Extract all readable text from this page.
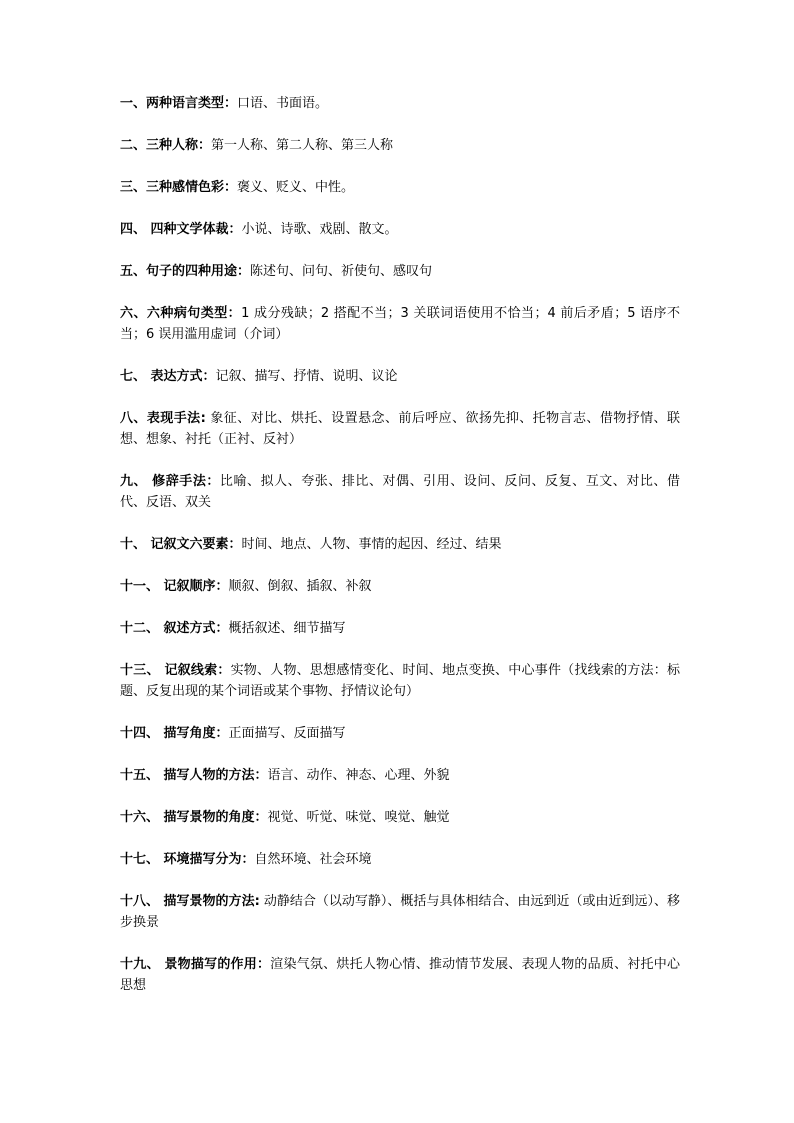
一、两种语言类型：口语、书面语。

二、三种人称：第一人称、第二人称、第三人称

三、三种感情色彩：褒义、贬义、中性。

四、 四种文学体裁：小说、诗歌、戏剧、散文。

五、句子的四种用途：陈述句、问句、祈使句、感叹句

六、六种病句类型：1 成分残缺；2 搭配不当；3 关联词语使用不恰当；4 前后矛盾；5 语序不当；6 误用滥用虚词（介词）

七、 表达方式：记叙、描写、抒情、说明、议论

八、表现手法: 象征、对比、烘托、设置悬念、前后呼应、欲扬先抑、托物言志、借物抒情、联想、想象、衬托（正衬、反衬）

九、 修辞手法：比喻、拟人、夸张、排比、对偶、引用、设问、反问、反复、互文、对比、借代、反语、双关

十、 记叙文六要素：时间、地点、人物、事情的起因、经过、结果

十一、 记叙顺序：顺叙、倒叙、插叙、补叙

十二、 叙述方式：概括叙述、细节描写

十三、 记叙线索：实物、人物、思想感情变化、时间、地点变换、中心事件（找线索的方法：标题、反复出现的某个词语或某个事物、抒情议论句）

十四、 描写角度：正面描写、反面描写

十五、 描写人物的方法：语言、动作、神态、心理、外貌

十六、 描写景物的角度：视觉、听觉、味觉、嗅觉、触觉

十七、 环境描写分为：自然环境、社会环境

十八、 描写景物的方法: 动静结合（以动写静）、概括与具体相结合、由远到近（或由近到远）、移步换景

十九、 景物描写的作用：渲染气氛、烘托人物心情、推动情节发展、表现人物的品质、衬托中心思想
